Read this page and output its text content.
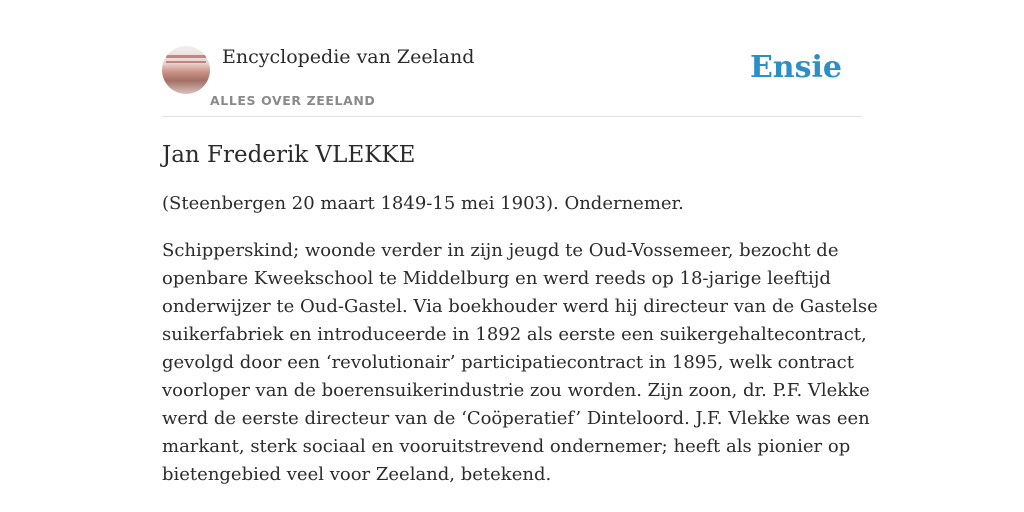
Encyclopedie van Zeeland
ALLES OVER ZEELAND
Ensie
Jan Frederik VLEKKE

(Steenbergen 20 maart 1849-15 mei 1903). Ondernemer.

Schipperskind; woonde verder in zijn jeugd te Oud-Vossemeer, bezocht de
openbare Kweekschool te Middelburg en werd reeds op 18-jarige leeftijd
onderwijzer te Oud-Gastel. Via boekhouder werd hij directeur van de Gastelse
suikerfabriek en introduceerde in 1892 als eerste een suikergehaltecontract,
gevolgd door een ‘revolutionair’ participatiecontract in 1895, welk contract
voorloper van de boerensuikerindustrie zou worden. Zijn zoon, dr. P.F. Vlekke
werd de eerste directeur van de ‘Coöperatief’ Dinteloord. J.F. Vlekke was een
markant, sterk sociaal en vooruitstrevend ondernemer; heeft als pionier op
bietengebied veel voor Zeeland, betekend.
